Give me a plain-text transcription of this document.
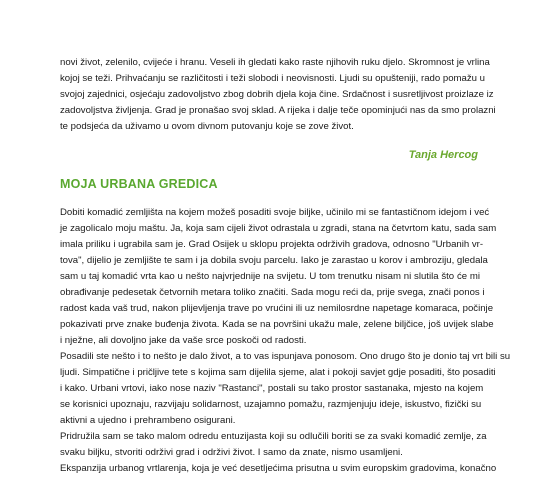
novi život, zelenilo, cvijeće i hranu. Veseli ih gledati kako raste njihovih ruku djelo. Skromnost je vrlina
kojoj se teži. Prihvaćanju se različitosti i teži slobodi i neovisnosti. Ljudi su opušteniji, rado pomažu u
svojoj zajednici, osjećaju zadovoljstvo zbog dobrih djela koja čine. Srdačnost i susretljivost proizlaze iz
zadovoljstva življenja. Grad je pronašao svoj sklad. A rijeka i dalje teče opominjući nas da smo prolazni
te podsjeća da uživamo u ovom divnom putovanju koje se zove život.
Tanja Hercog
MOJA URBANA GREDICA
Dobiti komadić zemljišta na kojem možeš posaditi svoje biljke, učinilo mi se fantastičnom idejom i već
je zagolicalo moju maštu. Ja, koja sam cijeli život odrastala u zgradi, stana na četvrtom katu, sada sam
imala priliku i ugrabila sam je. Grad Osijek u sklopu projekta održivih gradova, odnosno "Urbanih vr-
tova", dijelio je zemljište te sam i ja dobila svoju parcelu. Iako je zarastao u korov i ambroziju, gledala
sam u taj komadić vrta kao u nešto najvrjednije na svijetu. U tom trenutku nisam ni slutila što će mi
obrađivanje pedesetak četvornih metara toliko značiti. Sada mogu reći da, prije svega, znači ponos i
radost kada vaš trud, nakon plijevljenja trave po vrućini ili uz nemilosrdne napetage komaraca, počinje
pokazivati prve znake buđenja života. Kada se na površini ukažu male, zelene biljčice, još uvijek slabe
i nježne, ali dovoljno jake da vaše srce poskoči od radosti.
Posadili ste nešto i to nešto je dalo život, a to vas ispunjava ponosom. Ono drugo što je donio taj vrt bili su
ljudi. Simpatične i pričljive tete s kojima sam dijelila sjeme, alat i pokoji savjet gdje posaditi, što posaditi
i kako. Urbani vrtovi, iako nose naziv "Rastanci", postali su tako prostor sastanaka, mjesto na kojem
se korisnici upoznaju, razvijaju solidarnost, uzajamno pomažu, razmjenjuju ideje, iskustvo, fizički su
aktivni a ujedno i prehrambeno osigurani.
Pridružila sam se tako malom odredu entuzijasta koji su odlučili boriti se za svaki komadić zemlje, za
svaku biljku, stvoriti održivi grad i održivi život. I samo da znate, nismo usamljeni.
Ekspanzija urbanog vrtlarenja, koja je već desetljećima prisutna u svim europskim gradovima, konačno
